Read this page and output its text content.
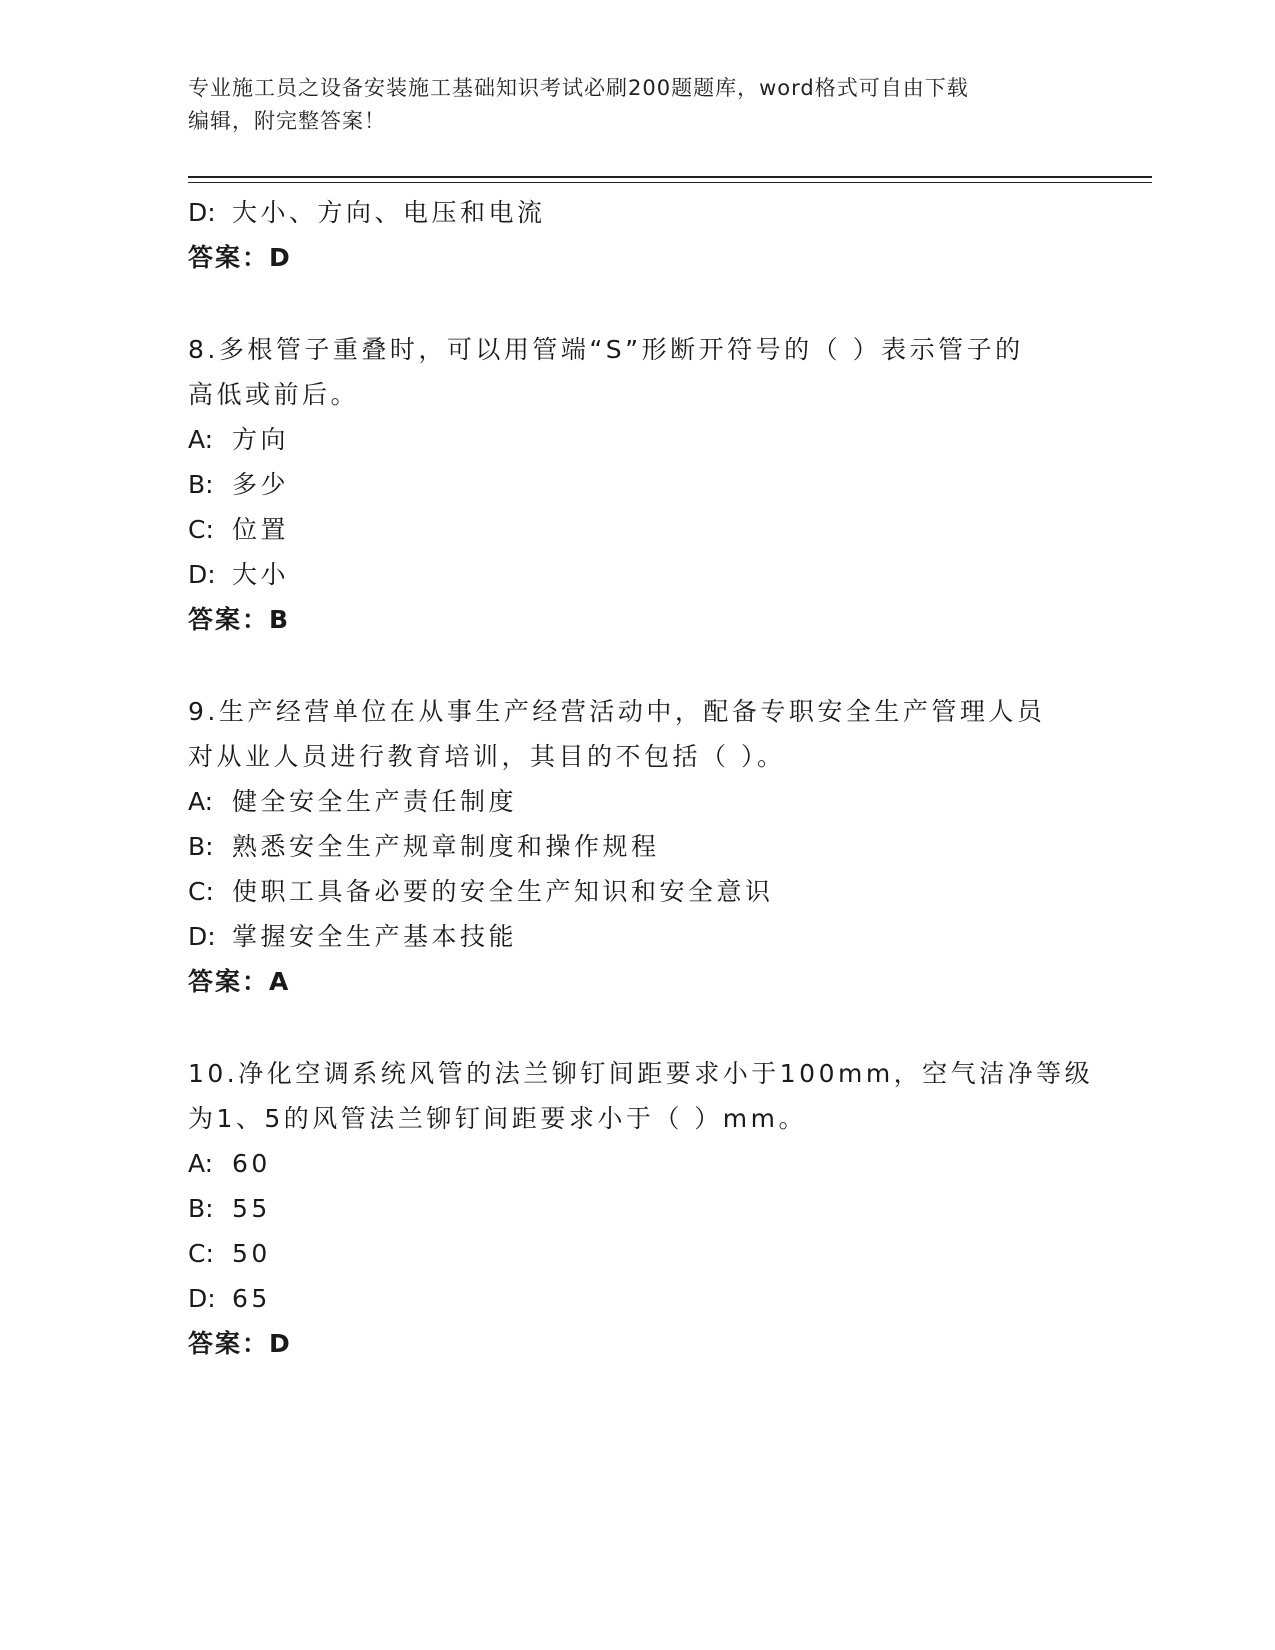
专业施工员之设备安装施工基础知识考试必刷200题题库，word格式可自由下载
编辑，附完整答案！
D: 大小、方向、电压和电流
答案：D
8.多根管子重叠时，可以用管端“S”形断开符号的（ ）表示管子的
高低或前后。
A: 方向
B: 多少
C: 位置
D: 大小
答案：B
9.生产经营单位在从事生产经营活动中，配备专职安全生产管理人员
对从业人员进行教育培训，其目的不包括（ ）。
A: 健全安全生产责任制度
B: 熟悉安全生产规章制度和操作规程
C: 使职工具备必要的安全生产知识和安全意识
D: 掌握安全生产基本技能
答案：A
10.净化空调系统风管的法兰铆钉间距要求小于100mm，空气洁净等级
为1、5的风管法兰铆钉间距要求小于（ ）mm。
A: 60
B: 55
C: 50
D: 65
答案：D
